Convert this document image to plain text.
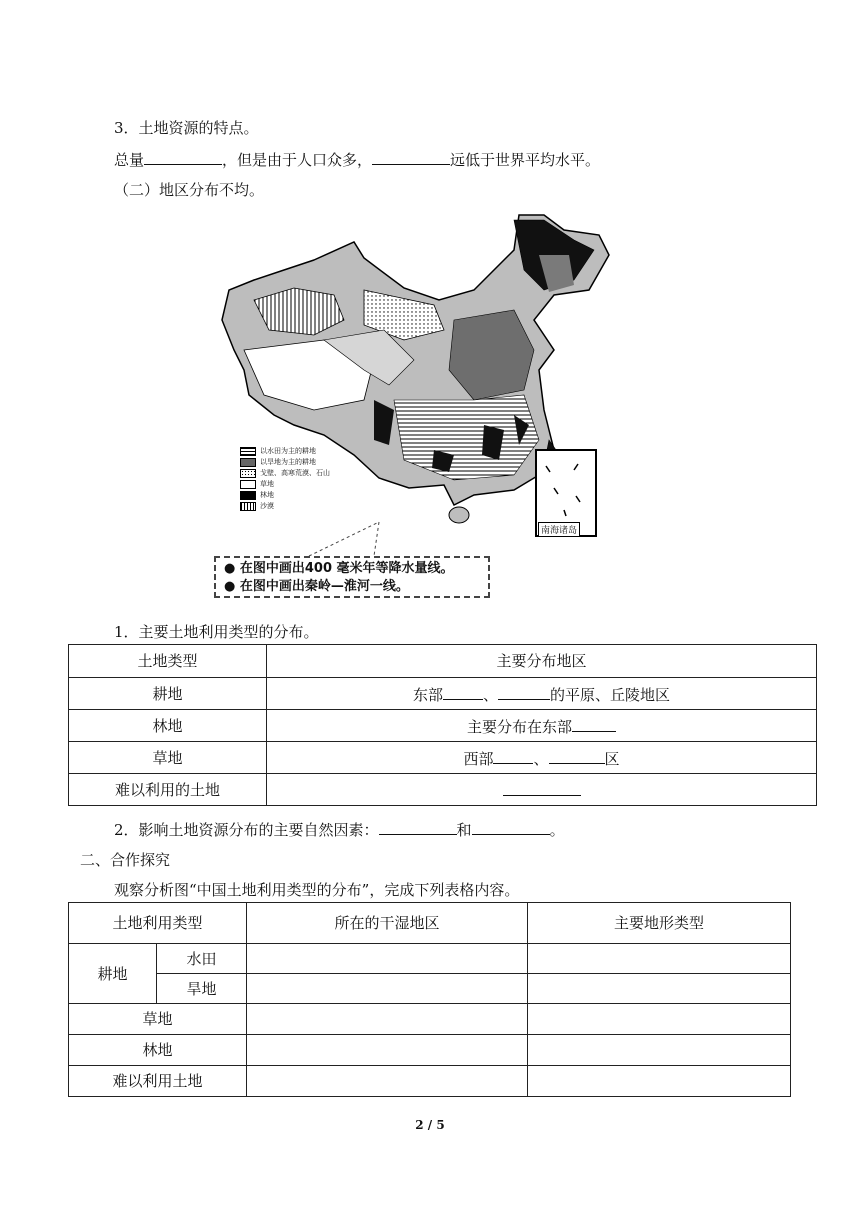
3．土地资源的特点。
总量	，但是由于人口众多，	远低于世界平均水平。
（二）地区分布不均。
南海诸岛
以水田为主的耕地
以旱地为主的耕地
戈壁、高寒荒漠、石山
草地
林地
沙漠
● 在图中画出400 毫米年等降水量线。
● 在图中画出秦岭—淮河一线。
1．主要土地利用类型的分布。
土地类型	主要分布地区
耕地	东部 、 的平原、丘陵地区
林地	主要分布在东部
草地	西部 、 区
难以利用的土地	
2．影响土地资源分布的主要自然因素：	和	。
二、合作探究
观察分析图“中国土地利用类型的分布”，完成下列表格内容。
土地利用类型		所在的干湿地区	主要地形类型
耕地	水田		
	旱地		
草地			
林地			
难以利用土地			
2 / 5
